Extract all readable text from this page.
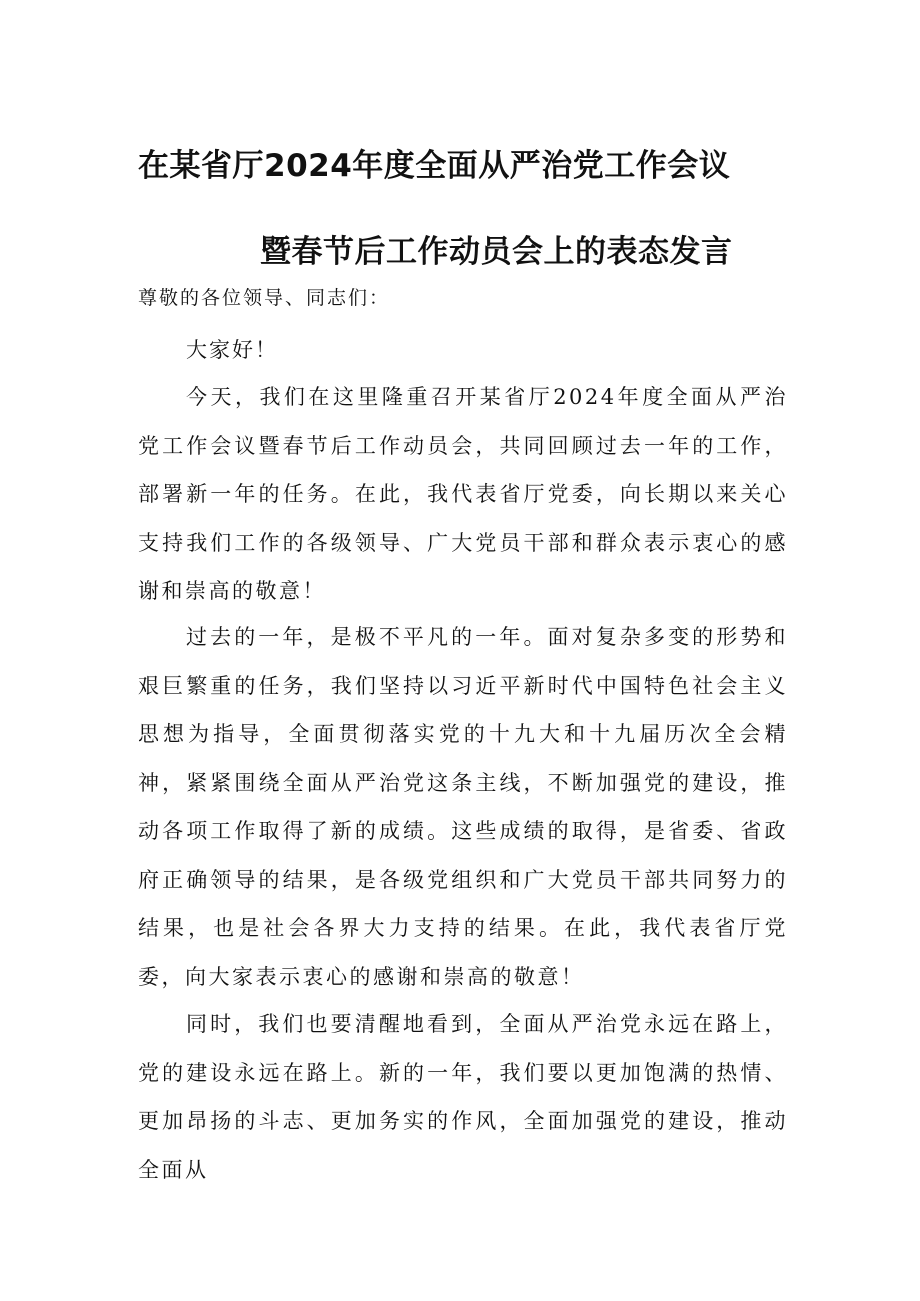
在某省厅2024年度全面从严治党工作会议
暨春节后工作动员会上的表态发言
尊敬的各位领导、同志们：
大家好！

今天，我们在这里隆重召开某省厅2024年度全面从严治党工作会议暨春节后工作动员会，共同回顾过去一年的工作，部署新一年的任务。在此，我代表省厅党委，向长期以来关心支持我们工作的各级领导、广大党员干部和群众表示衷心的感谢和崇高的敬意！

过去的一年，是极不平凡的一年。面对复杂多变的形势和艰巨繁重的任务，我们坚持以习近平新时代中国特色社会主义思想为指导，全面贯彻落实党的十九大和十九届历次全会精神，紧紧围绕全面从严治党这条主线，不断加强党的建设，推动各项工作取得了新的成绩。这些成绩的取得，是省委、省政府正确领导的结果，是各级党组织和广大党员干部共同努力的结果，也是社会各界大力支持的结果。在此，我代表省厅党委，向大家表示衷心的感谢和崇高的敬意！

同时，我们也要清醒地看到，全面从严治党永远在路上，党的建设永远在路上。新的一年，我们要以更加饱满的热情、更加昂扬的斗志、更加务实的作风，全面加强党的建设，推动全面从
